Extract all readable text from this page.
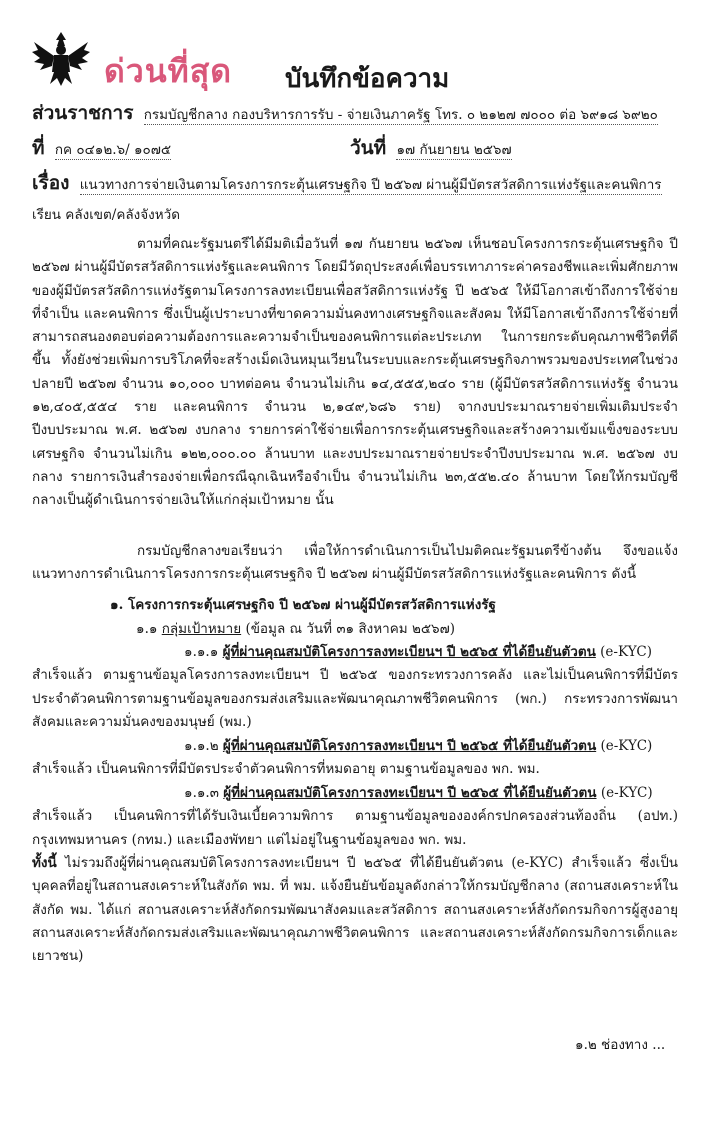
ด่วนที่สุด บันทึกข้อความ
ส่วนราชการ กรมบัญชีกลาง กองบริหารการรับ - จ่ายเงินภาครัฐ โทร. ๐ ๒๑๒๗ ๗๐๐๐ ต่อ ๖๙๑๘ ๖๙๒๐
ที่ กค ๐๔๑๒.๖/ ๑๐๗๕	วันที่ ๑๗ กันยายน ๒๕๖๗
เรื่อง แนวทางการจ่ายเงินตามโครงการกระตุ้นเศรษฐกิจ ปี ๒๕๖๗ ผ่านผู้มีบัตรสวัสดิการแห่งรัฐและคนพิการ
เรียน คลังเขต/คลังจังหวัด
ตามที่คณะรัฐมนตรีได้มีมติเมื่อวันที่ ๑๗ กันยายน ๒๕๖๗ เห็นชอบโครงการกระตุ้นเศรษฐกิจ ปี ๒๕๖๗ ผ่านผู้มีบัตรสวัสดิการแห่งรัฐและคนพิการ โดยมีวัตถุประสงค์เพื่อบรรเทาภาระค่าครองชีพและเพิ่มศักยภาพของผู้มีบัตรสวัสดิการแห่งรัฐตามโครงการลงทะเบียนเพื่อสวัสดิการแห่งรัฐ ปี ๒๕๖๕ ให้มีโอกาสเข้าถึงการใช้จ่ายที่จำเป็น และคนพิการ ซึ่งเป็นผู้เปราะบางที่ขาดความมั่นคงทางเศรษฐกิจและสังคม ให้มีโอกาสเข้าถึงการใช้จ่ายที่สามารถสนองตอบต่อความต้องการและความจำเป็นของคนพิการแต่ละประเภท ในการยกระดับคุณภาพชีวิตที่ดีขึ้น ทั้งยังช่วยเพิ่มการบริโภคที่จะสร้างเม็ดเงินหมุนเวียนในระบบและกระตุ้นเศรษฐกิจภาพรวมของประเทศในช่วงปลายปี ๒๕๖๗ จำนวน ๑๐,๐๐๐ บาทต่อคน จำนวนไม่เกิน ๑๔,๕๕๕,๒๔๐ ราย (ผู้มีบัตรสวัสดิการแห่งรัฐ จำนวน ๑๒,๔๐๕,๕๕๔ ราย และคนพิการ จำนวน ๒,๑๔๙,๖๘๖ ราย) จากงบประมาณรายจ่ายเพิ่มเติมประจำปีงบประมาณ พ.ศ. ๒๕๖๗ งบกลาง รายการค่าใช้จ่ายเพื่อการกระตุ้นเศรษฐกิจและสร้างความเข้มแข็งของระบบเศรษฐกิจ จำนวนไม่เกิน ๑๒๒,๐๐๐.๐๐ ล้านบาท และงบประมาณรายจ่ายประจำปีงบประมาณ พ.ศ. ๒๕๖๗ งบกลาง รายการเงินสำรองจ่ายเพื่อกรณีฉุกเฉินหรือจำเป็น จำนวนไม่เกิน ๒๓,๕๕๒.๔๐ ล้านบาท โดยให้กรมบัญชีกลางเป็นผู้ดำเนินการจ่ายเงินให้แก่กลุ่มเป้าหมาย นั้น
กรมบัญชีกลางขอเรียนว่า เพื่อให้การดำเนินการเป็นไปมติคณะรัฐมนตรีข้างต้น จึงขอแจ้งแนวทางการดำเนินการโครงการกระตุ้นเศรษฐกิจ ปี ๒๕๖๗ ผ่านผู้มีบัตรสวัสดิการแห่งรัฐและคนพิการ ดังนี้
๑. โครงการกระตุ้นเศรษฐกิจ ปี ๒๕๖๗ ผ่านผู้มีบัตรสวัสดิการแห่งรัฐ
๑.๑ กลุ่มเป้าหมาย (ข้อมูล ณ วันที่ ๓๑ สิงหาคม ๒๕๖๗)
๑.๑.๑ ผู้ที่ผ่านคุณสมบัติโครงการลงทะเบียนฯ ปี ๒๕๖๕ ที่ได้ยืนยันตัวตน (e-KYC)
สำเร็จแล้ว ตามฐานข้อมูลโครงการลงทะเบียนฯ ปี ๒๕๖๕ ของกระทรวงการคลัง และไม่เป็นคนพิการที่มีบัตรประจำตัวคนพิการตามฐานข้อมูลของกรมส่งเสริมและพัฒนาคุณภาพชีวิตคนพิการ (พก.) กระทรวงการพัฒนาสังคมและความมั่นคงของมนุษย์ (พม.)
๑.๑.๒ ผู้ที่ผ่านคุณสมบัติโครงการลงทะเบียนฯ ปี ๒๕๖๕ ที่ได้ยืนยันตัวตน (e-KYC)
สำเร็จแล้ว เป็นคนพิการที่มีบัตรประจำตัวคนพิการที่หมดอายุ ตามฐานข้อมูลของ พก. พม.
๑.๑.๓ ผู้ที่ผ่านคุณสมบัติโครงการลงทะเบียนฯ ปี ๒๕๖๕ ที่ได้ยืนยันตัวตน (e-KYC)
สำเร็จแล้ว เป็นคนพิการที่ได้รับเงินเบี้ยความพิการ ตามฐานข้อมูลขององค์กรปกครองส่วนท้องถิ่น (อปท.) กรุงเทพมหานคร (กทม.) และเมืองพัทยา แต่ไม่อยู่ในฐานข้อมูลของ พก. พม.
ทั้งนี้ ไม่รวมถึงผู้ที่ผ่านคุณสมบัติโครงการลงทะเบียนฯ ปี ๒๕๖๕ ที่ได้ยืนยันตัวตน (e-KYC) สำเร็จแล้ว ซึ่งเป็นบุคคลที่อยู่ในสถานสงเคราะห์ในสังกัด พม. ที่ พม. แจ้งยืนยันข้อมูลดังกล่าวให้กรมบัญชีกลาง (สถานสงเคราะห์ในสังกัด พม. ได้แก่ สถานสงเคราะห์สังกัดกรมพัฒนาสังคมและสวัสดิการ สถานสงเคราะห์สังกัดกรมกิจการผู้สูงอายุ สถานสงเคราะห์สังกัดกรมส่งเสริมและพัฒนาคุณภาพชีวิตคนพิการ และสถานสงเคราะห์สังกัดกรมกิจการเด็กและเยาวชน)
๑.๒ ช่องทาง ...
